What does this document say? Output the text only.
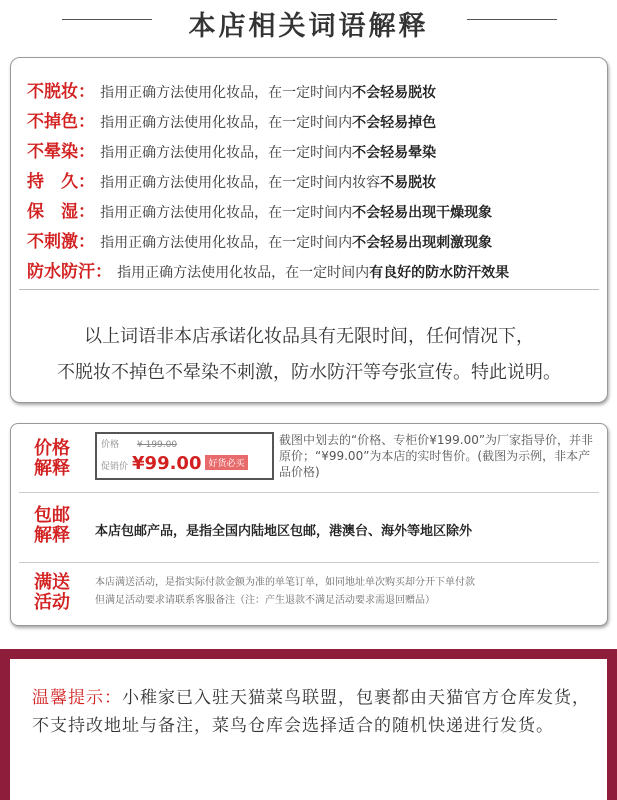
本店相关词语解释
不脱妆： 指用正确方法使用化妆品，在一定时间内不会轻易脱妆
不掉色： 指用正确方法使用化妆品，在一定时间内不会轻易掉色
不晕染： 指用正确方法使用化妆品，在一定时间内不会轻易晕染
持　久： 指用正确方法使用化妆品，在一定时间内妆容不易脱妆
保　湿： 指用正确方法使用化妆品，在一定时间内不会轻易出现干燥现象
不刺激： 指用正确方法使用化妆品，在一定时间内不会轻易出现刺激现象
防水防汗： 指用正确方法使用化妆品，在一定时间内有良好的防水防汗效果
以上词语非本店承诺化妆品具有无限时间，任何情况下，
不脱妆不掉色不晕染不刺激，防水防汗等夸张宣传。特此说明。
价格
解释
价格 ¥ 199.00
促销价 ¥99.00 好货必买
截图中划去的“价格、专柜价¥199.00”为厂家指导价，并非原价；“¥99.00”为本店的实时售价。(截图为示例，非本产品价格)
包邮
解释 本店包邮产品，是指全国内陆地区包邮，港澳台、海外等地区除外
满送
活动
本店满送活动，是指实际付款金额为准的单笔订单，如同地址单次购买却分开下单付款
但满足活动要求请联系客服备注（注：产生退款不满足活动要求需退回赠品）
温馨提示：小稚家已入驻天猫菜鸟联盟，包裹都由天猫官方仓库发货，不支持改地址与备注，菜鸟仓库会选择适合的随机快递进行发货。
